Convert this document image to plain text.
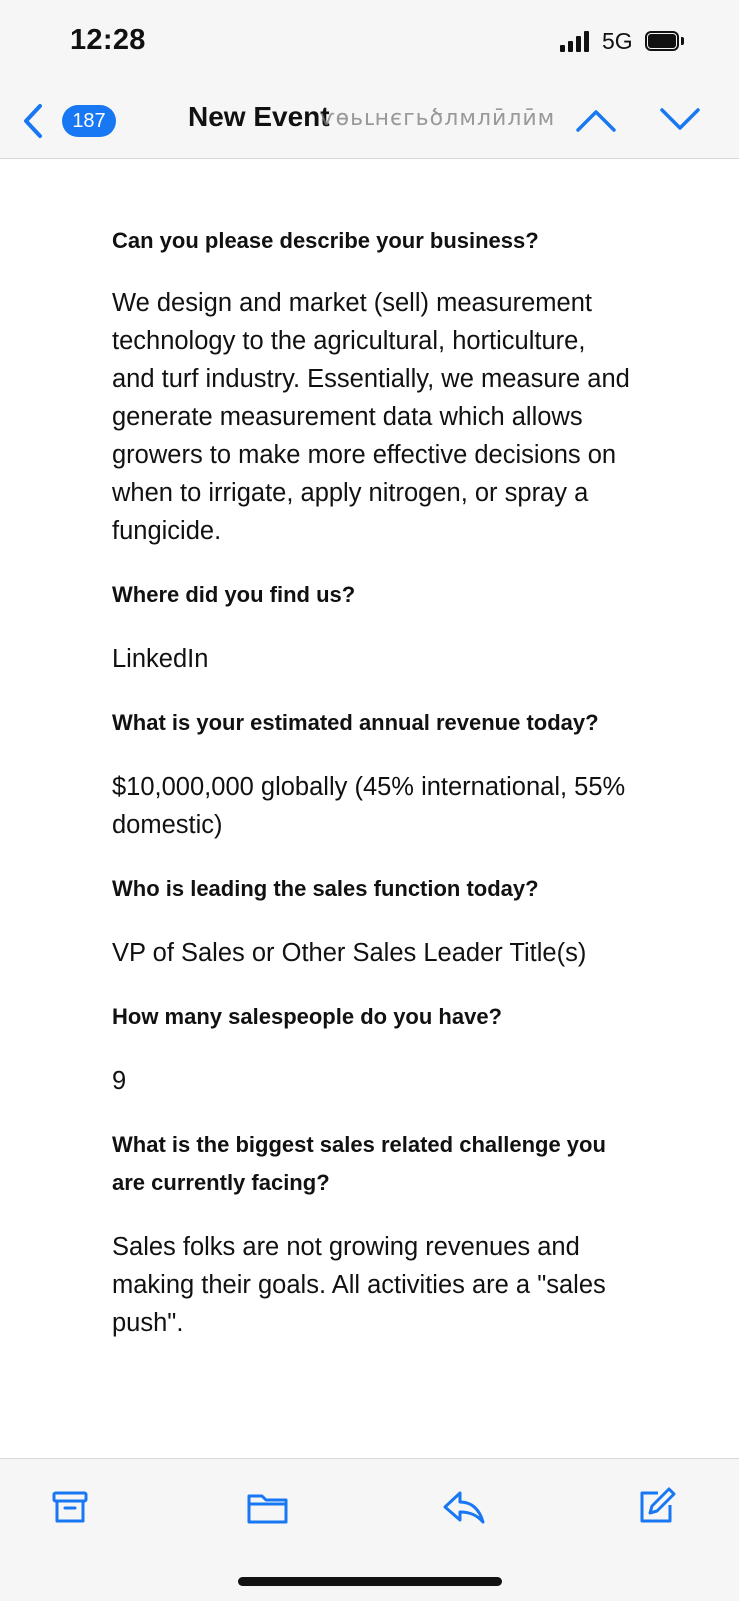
12:28	5G
187	New Event
ѵөьւнєгьծлмлӣлӣм

Can you please describe your business?

We design and market (sell) measurement technology to the agricultural, horticulture, and turf industry. Essentially, we measure and generate measurement data which allows growers to make more effective decisions on when to irrigate, apply nitrogen, or spray a fungicide.

Where did you find us?

LinkedIn

What is your estimated annual revenue today?

$10,000,000 globally (45% international, 55% domestic)

Who is leading the sales function today?

VP of Sales or Other Sales Leader Title(s)

How many salespeople do you have?

9

What is the biggest sales related challenge you are currently facing?

Sales folks are not growing revenues and making their goals. All activities are a "sales push".
